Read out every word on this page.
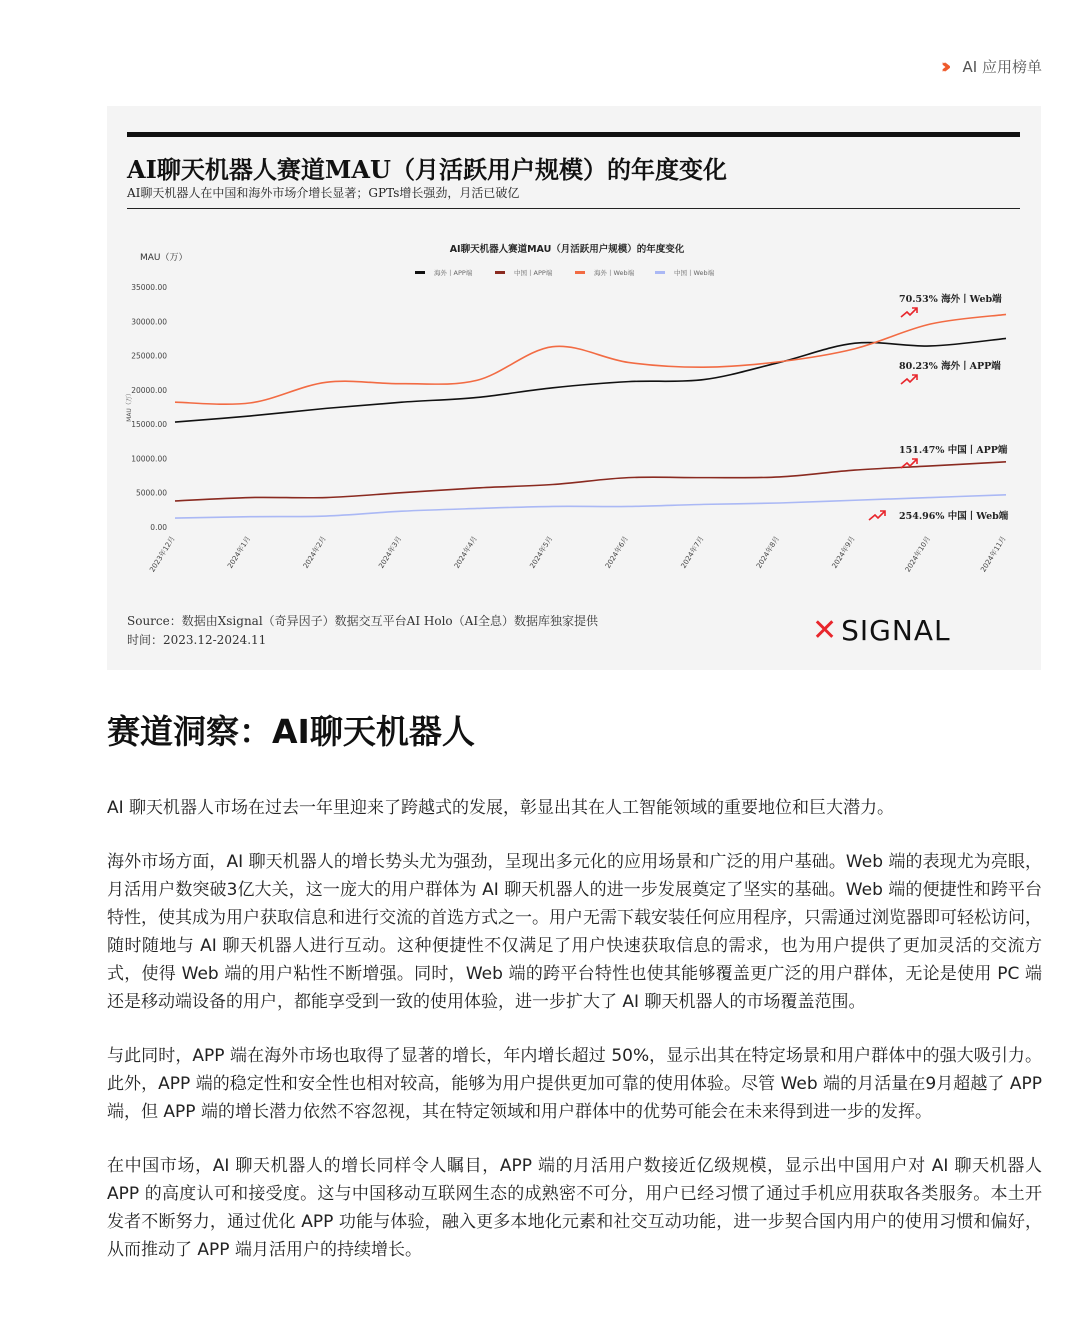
››› AI 应用榜单
AI聊天机器人赛道MAU（月活跃用户规模）的年度变化
AI聊天机器人在中国和海外市场介增长显著；GPTs增长强劲，月活已破亿
AI聊天机器人赛道MAU（月活跃用户规模）的年度变化
MAU（万）
MAU（万）
海外丨APP端	中国丨APP端	海外丨Web端	中国丨Web端
0.00
5000.00
10000.00
15000.00
20000.00
25000.00
30000.00
35000.00
2023年12月	2024年1月	2024年2月	2024年3月	2024年4月	2024年5月	2024年6月	2024年7月	2024年8月	2024年9月	2024年10月	2024年11月
70.53% 海外丨Web端
80.23% 海外丨APP端
151.47% 中国丨APP端
254.96% 中国丨Web端
Source：数据由Xsignal（奇异因子）数据交互平台AI Holo（AI全息）数据库独家提供
时间：2023.12-2024.11	✕ SIGNAL
赛道洞察：AI聊天机器人

AI 聊天机器人市场在过去一年里迎来了跨越式的发展，彰显出其在人工智能领域的重要地位和巨大潜力。

海外市场方面，AI 聊天机器人的增长势头尤为强劲，呈现出多元化的应用场景和广泛的用户基础。Web 端的表现尤为亮眼，月活用户数突破3亿大关，这一庞大的用户群体为 AI 聊天机器人的进一步发展奠定了坚实的基础。Web 端的便捷性和跨平台特性，使其成为用户获取信息和进行交流的首选方式之一。用户无需下载安装任何应用程序，只需通过浏览器即可轻松访问，随时随地与 AI 聊天机器人进行互动。这种便捷性不仅满足了用户快速获取信息的需求，也为用户提供了更加灵活的交流方式，使得 Web 端的用户粘性不断增强。同时，Web 端的跨平台特性也使其能够覆盖更广泛的用户群体，无论是使用 PC 端还是移动端设备的用户，都能享受到一致的使用体验，进一步扩大了 AI 聊天机器人的市场覆盖范围。

与此同时，APP 端在海外市场也取得了显著的增长，年内增长超过 50%，显示出其在特定场景和用户群体中的强大吸引力。此外，APP 端的稳定性和安全性也相对较高，能够为用户提供更加可靠的使用体验。尽管 Web 端的月活量在9月超越了 APP 端，但 APP 端的增长潜力依然不容忽视，其在特定领域和用户群体中的优势可能会在未来得到进一步的发挥。

在中国市场，AI 聊天机器人的增长同样令人瞩目，APP 端的月活用户数接近亿级规模，显示出中国用户对 AI 聊天机器人 APP 的高度认可和接受度。这与中国移动互联网生态的成熟密不可分，用户已经习惯了通过手机应用获取各类服务。本土开发者不断努力，通过优化 APP 功能与体验，融入更多本地化元素和社交互动功能，进一步契合国内用户的使用习惯和偏好，从而推动了 APP 端月活用户的持续增长。
